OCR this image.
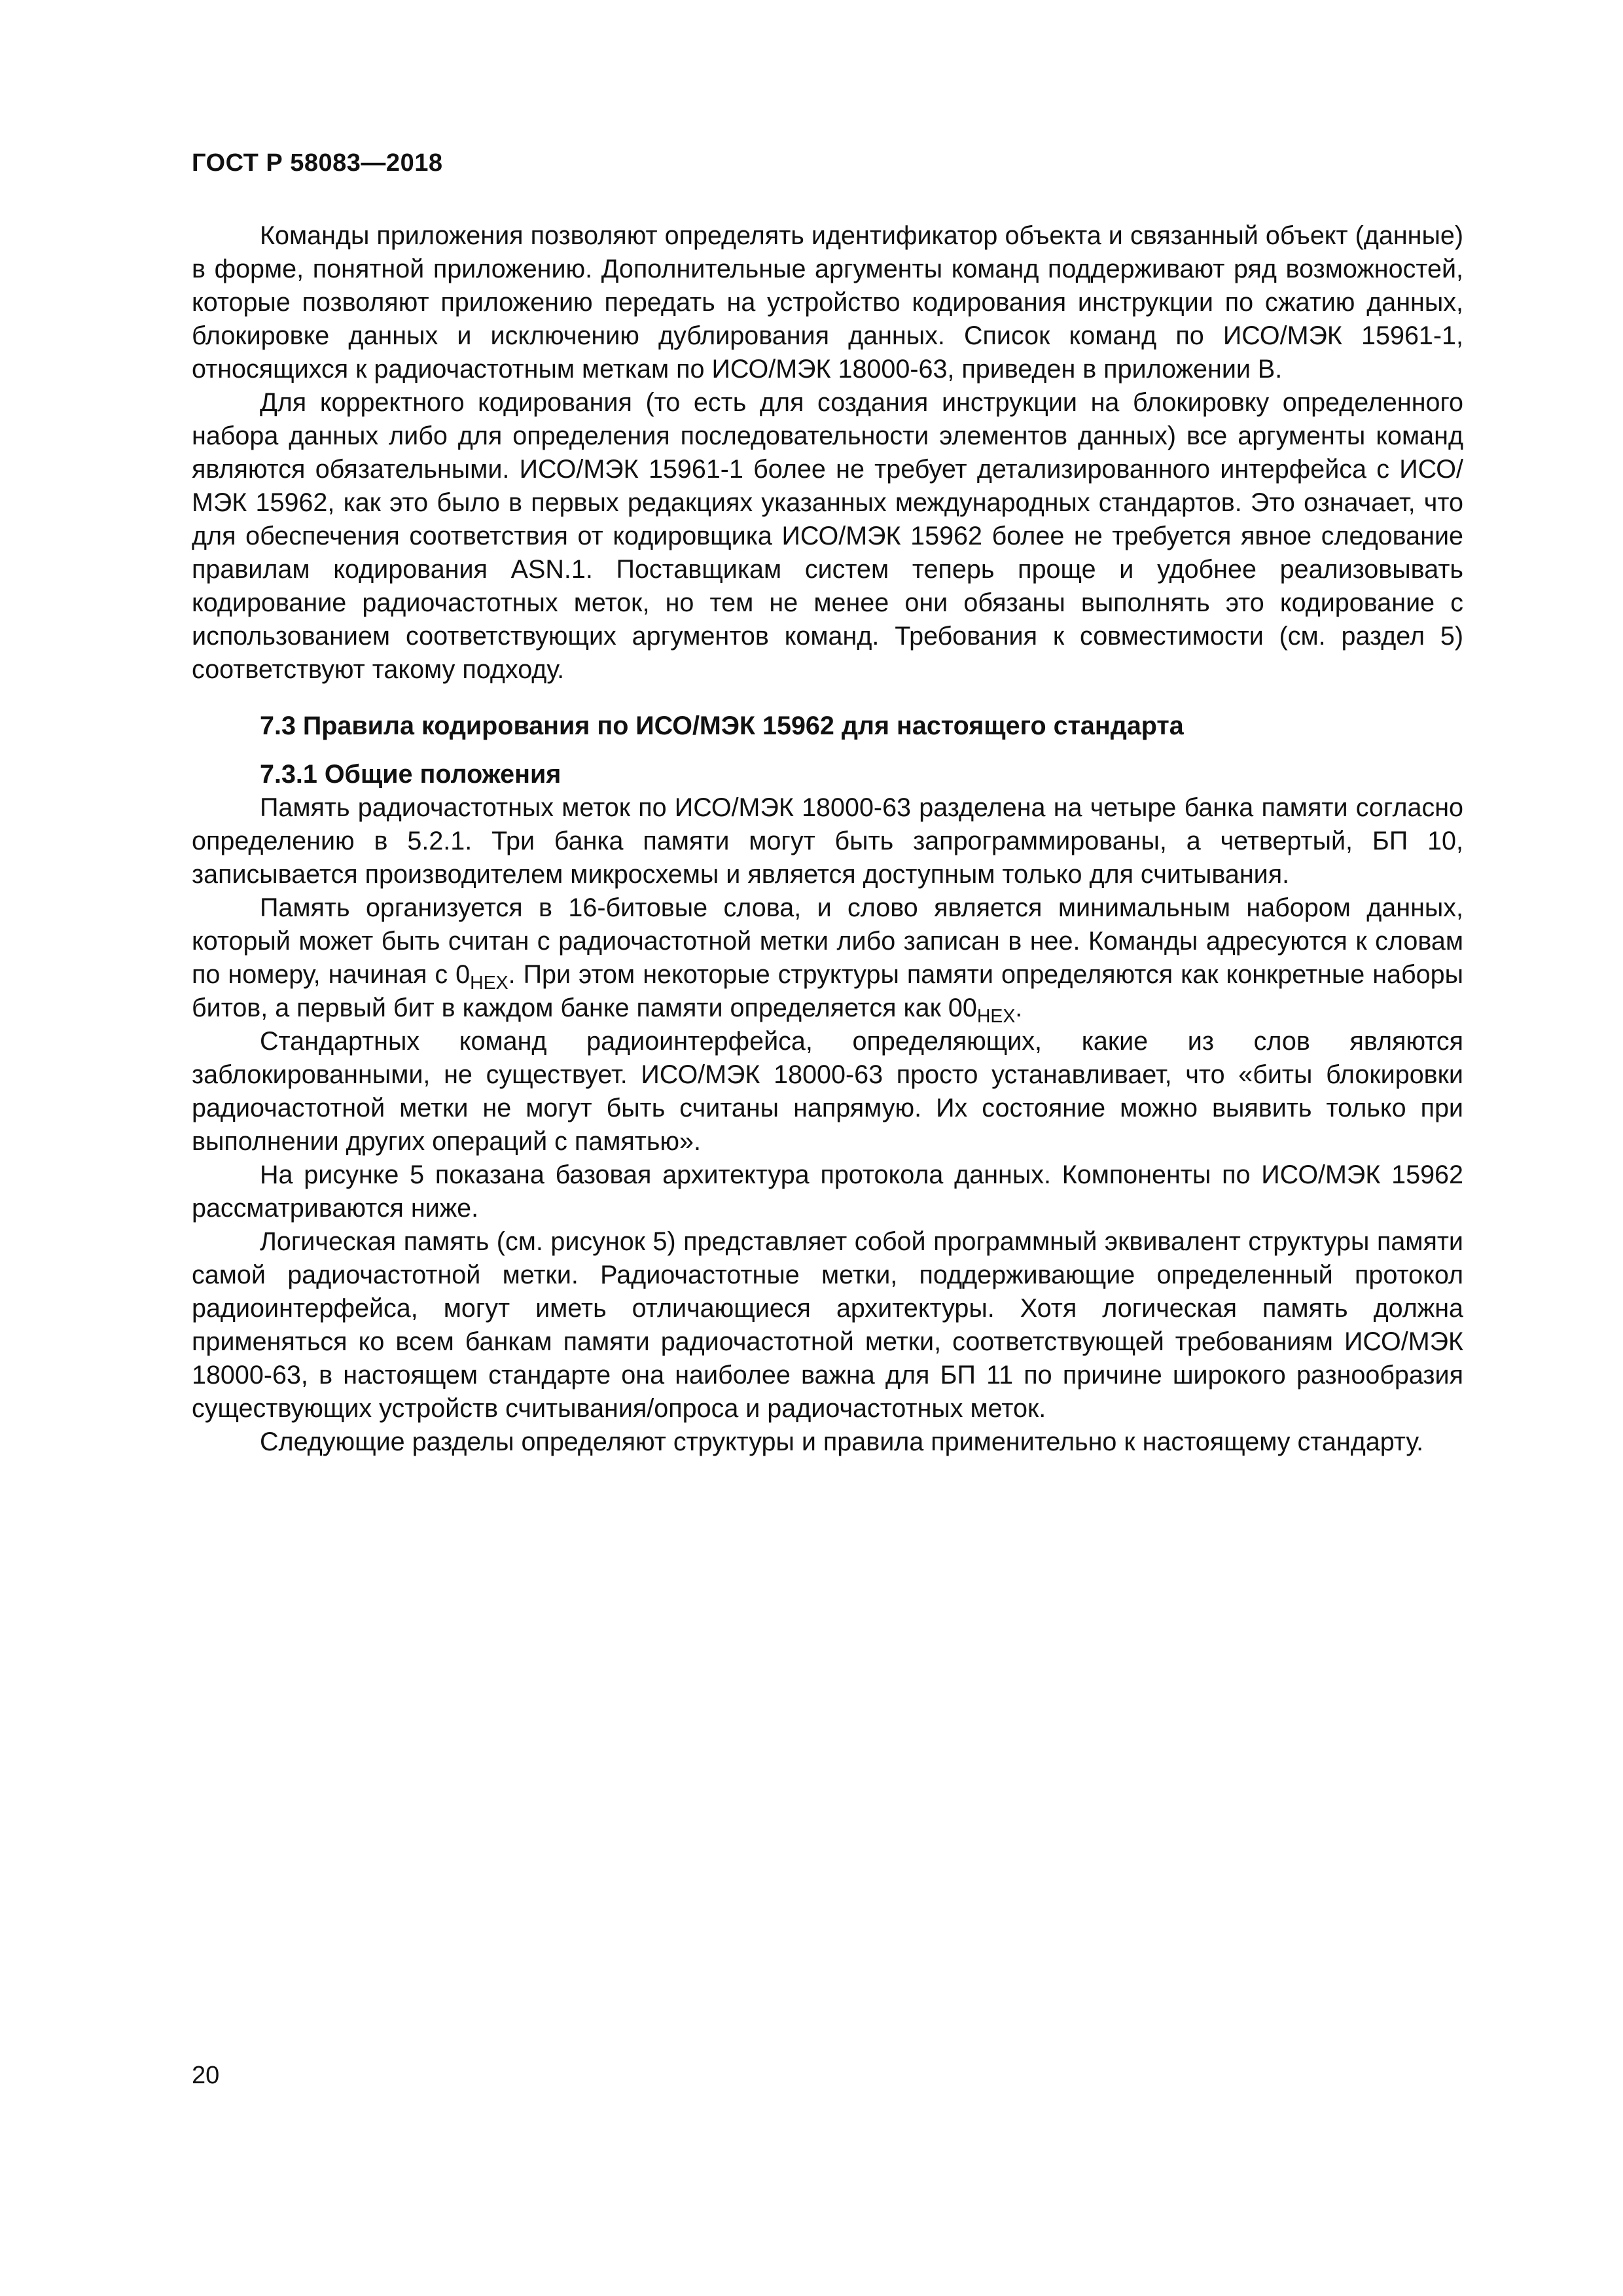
ГОСТ Р 58083—2018

Команды приложения позволяют определять идентификатор объекта и связанный объект (данные) в форме, понятной приложению. Дополнительные аргументы команд поддерживают ряд возможностей, которые позволяют приложению передать на устройство кодирования инструкции по сжатию данных, блокировке данных и исключению дублирования данных. Список команд по ИСО/МЭК 15961-1, относящихся к радиочастотным меткам по ИСО/МЭК 18000-63, приведен в приложении В.

Для корректного кодирования (то есть для создания инструкции на блокировку определенного набора данных либо для определения последовательности элементов данных) все аргументы команд являются обязательными. ИСО/МЭК 15961-1 более не требует детализированного интерфейса с ИСО/МЭК 15962, как это было в первых редакциях указанных международных стандартов. Это означает, что для обеспечения соответствия от кодировщика ИСО/МЭК 15962 более не требуется явное следование правилам кодирования ASN.1. Поставщикам систем теперь проще и удобнее реализовывать кодирование радиочастотных меток, но тем не менее они обязаны выполнять это кодирование с использованием соответствующих аргументов команд. Требования к совместимости (см. раздел 5) соответствуют такому подходу.

7.3 Правила кодирования по ИСО/МЭК 15962 для настоящего стандарта
7.3.1 Общие положения

Память радиочастотных меток по ИСО/МЭК 18000-63 разделена на четыре банка памяти согласно определению в 5.2.1. Три банка памяти могут быть запрограммированы, а четвертый, БП 10, записывается производителем микросхемы и является доступным только для считывания.

Память организуется в 16-битовые слова, и слово является минимальным набором данных, который может быть считан с радиочастотной метки либо записан в нее. Команды адресуются к словам по номеру, начиная с $0_{HEX}$. При этом некоторые структуры памяти определяются как конкретные наборы битов, а первый бит в каждом банке памяти определяется как $00_{HEX}$.

Стандартных команд радиоинтерфейса, определяющих, какие из слов являются заблокированными, не существует. ИСО/МЭК 18000-63 просто устанавливает, что «биты блокировки радиочастотной метки не могут быть считаны напрямую. Их состояние можно выявить только при выполнении других операций с памятью».

На рисунке 5 показана базовая архитектура протокола данных. Компоненты по ИСО/МЭК 15962 рассматриваются ниже.

Логическая память (см. рисунок 5) представляет собой программный эквивалент структуры памяти самой радиочастотной метки. Радиочастотные метки, поддерживающие определенный протокол радиоинтерфейса, могут иметь отличающиеся архитектуры. Хотя логическая память должна применяться ко всем банкам памяти радиочастотной метки, соответствующей требованиям ИСО/МЭК 18000-63, в настоящем стандарте она наиболее важна для БП 11 по причине широкого разнообразия существующих устройств считывания/опроса и радиочастотных меток.

Следующие разделы определяют структуры и правила применительно к настоящему стандарту.

20
